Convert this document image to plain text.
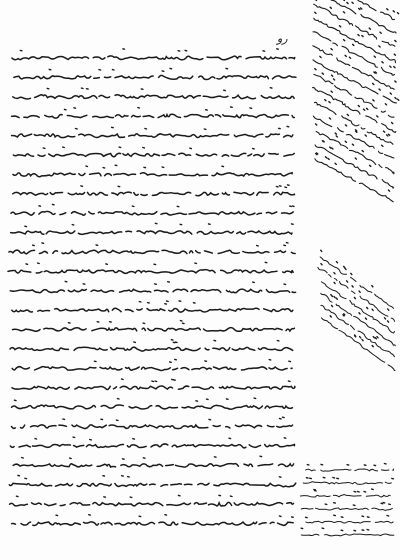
رو
